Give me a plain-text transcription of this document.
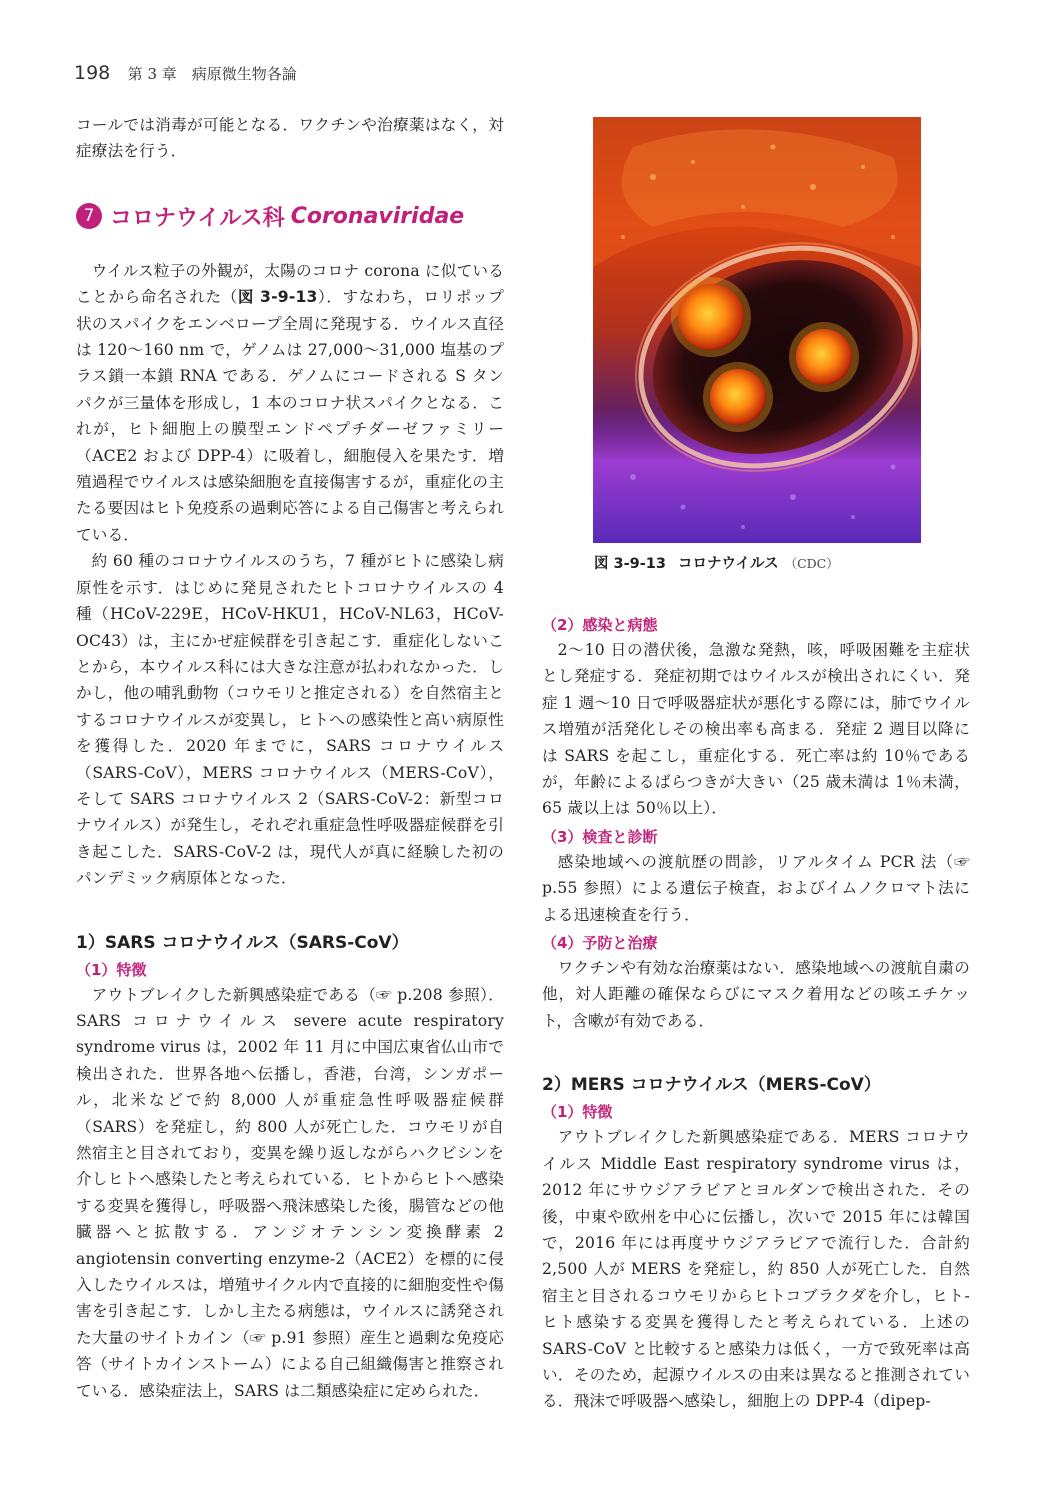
198 第 3 章　病原微生物各論

コールでは消毒が可能となる．ワクチンや治療薬はなく，対症療法を行う．

7 コロナウイルス科 Coronaviridae

ウイルス粒子の外観が，太陽のコロナ corona に似ていることから命名された（図 3-9-13）．すなわち，ロリポップ状のスパイクをエンベロープ全周に発現する．ウイルス直径は 120～160 nm で，ゲノムは 27,000～31,000 塩基のプラス鎖一本鎖 RNA である．ゲノムにコードされる S タンパクが三量体を形成し，1 本のコロナ状スパイクとなる．これが，ヒト細胞上の膜型エンドペプチダーゼファミリー（ACE2 および DPP-4）に吸着し，細胞侵入を果たす．増殖過程でウイルスは感染細胞を直接傷害するが，重症化の主たる要因はヒト免疫系の過剰応答による自己傷害と考えられている．

約 60 種のコロナウイルスのうち，7 種がヒトに感染し病原性を示す．はじめに発見されたヒトコロナウイルスの 4 種（HCoV-229E，HCoV-HKU1，HCoV-NL63，HCoV-OC43）は，主にかぜ症候群を引き起こす．重症化しないことから，本ウイルス科には大きな注意が払われなかった．しかし，他の哺乳動物（コウモリと推定される）を自然宿主とするコロナウイルスが変異し，ヒトへの感染性と高い病原性を獲得した．2020 年までに，SARS コロナウイルス（SARS-CoV），MERS コロナウイルス（MERS-CoV），そして SARS コロナウイルス 2（SARS-CoV-2：新型コロナウイルス）が発生し，それぞれ重症急性呼吸器症候群を引き起こした．SARS-CoV-2 は，現代人が真に経験した初のパンデミック病原体となった．

1）SARS コロナウイルス（SARS-CoV）
（1）特徴

アウトブレイクした新興感染症である（☞ p.208 参照）．SARS コロナウイルス severe acute respiratory syndrome virus は，2002 年 11 月に中国広東省仏山市で検出された．世界各地へ伝播し，香港，台湾，シンガポール，北米などで約 8,000 人が重症急性呼吸器症候群（SARS）を発症し，約 800 人が死亡した．コウモリが自然宿主と目されており，変異を繰り返しながらハクビシンを介しヒトへ感染したと考えられている．ヒトからヒトへ感染する変異を獲得し，呼吸器へ飛沫感染した後，腸管などの他臓器へと拡散する．アンジオテンシン変換酵素 2 angiotensin converting enzyme-2（ACE2）を標的に侵入したウイルスは，増殖サイクル内で直接的に細胞変性や傷害を引き起こす．しかし主たる病態は，ウイルスに誘発された大量のサイトカイン（☞ p.91 参照）産生と過剰な免疫応答（サイトカインストーム）による自己組織傷害と推察されている．感染症法上，SARS は二類感染症に定められた．

図 3-9-13 コロナウイルス （CDC）
（2）感染と病態

2～10 日の潜伏後，急激な発熱，咳，呼吸困難を主症状とし発症する．発症初期ではウイルスが検出されにくい．発症 1 週～10 日で呼吸器症状が悪化する際には，肺でウイルス増殖が活発化しその検出率も高まる．発症 2 週目以降には SARS を起こし，重症化する．死亡率は約 10％であるが，年齢によるばらつきが大きい（25 歳未満は 1％未満，65 歳以上は 50％以上）．

（3）検査と診断

感染地域への渡航歴の問診，リアルタイム PCR 法（☞ p.55 参照）による遺伝子検査，およびイムノクロマト法による迅速検査を行う．

（4）予防と治療

ワクチンや有効な治療薬はない．感染地域への渡航自粛の他，対人距離の確保ならびにマスク着用などの咳エチケット，含嗽が有効である．

2）MERS コロナウイルス（MERS-CoV）
（1）特徴

アウトブレイクした新興感染症である．MERS コロナウイルス Middle East respiratory syndrome virus は，2012 年にサウジアラビアとヨルダンで検出された．その後，中東や欧州を中心に伝播し，次いで 2015 年には韓国で，2016 年には再度サウジアラビアで流行した．合計約 2,500 人が MERS を発症し，約 850 人が死亡した．自然宿主と目されるコウモリからヒトコブラクダを介し，ヒト-ヒト感染する変異を獲得したと考えられている．上述の SARS-CoV と比較すると感染力は低く，一方で致死率は高い．そのため，起源ウイルスの由来は異なると推測されている．飛沫で呼吸器へ感染し，細胞上の DPP-4（dipep-
